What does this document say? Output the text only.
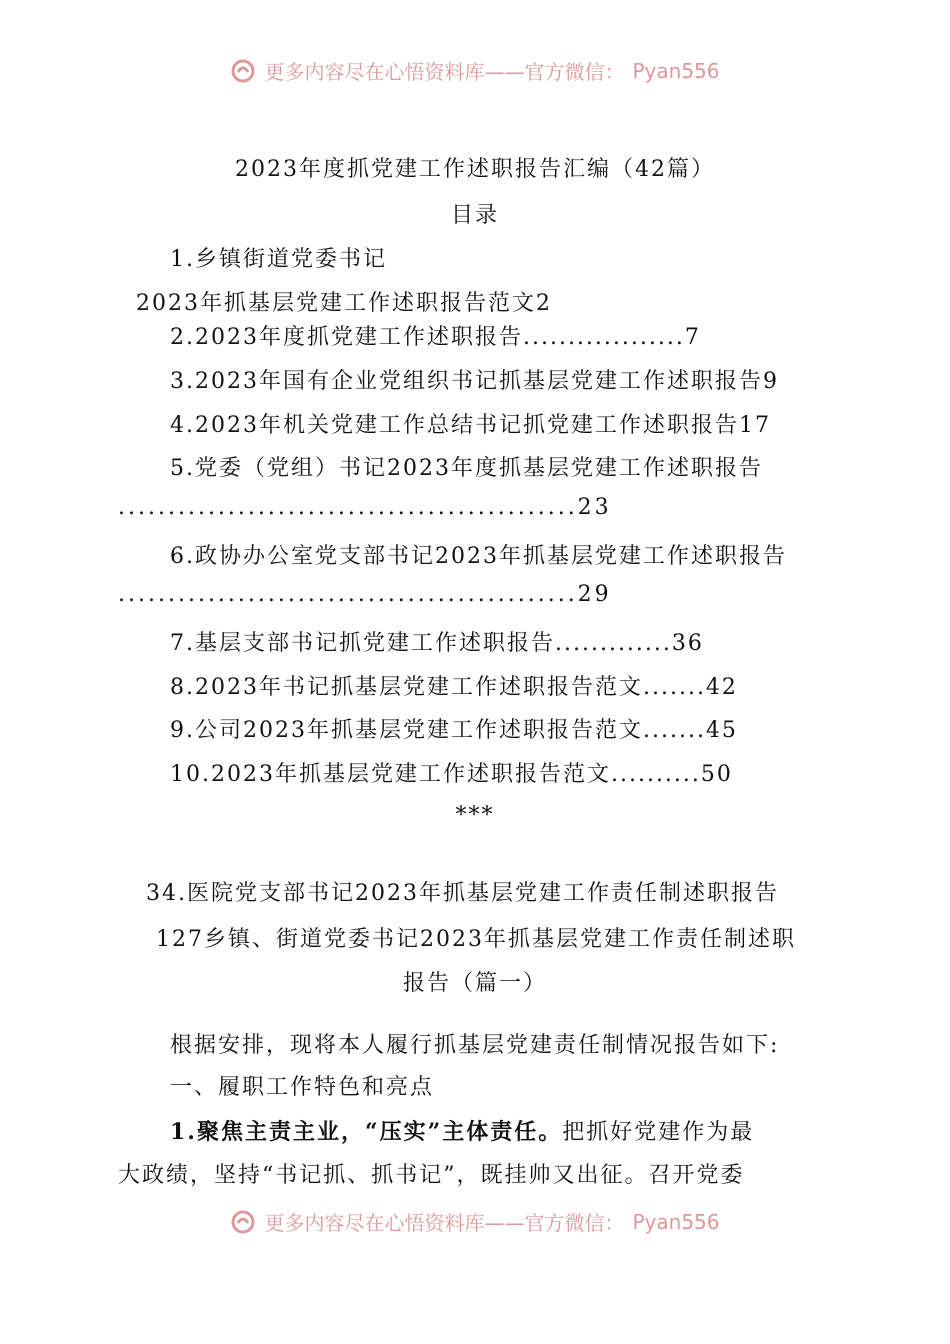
更多内容尽在心悟资料库——官方微信： Pyan556
2023年度抓党建工作述职报告汇编（42篇）
目录
1.乡镇街道党委书记
2023年抓基层党建工作述职报告范文2
2.2023年度抓党建工作述职报告..................7
3.2023年国有企业党组织书记抓基层党建工作述职报告9
4.2023年机关党建工作总结书记抓党建工作述职报告17
5.党委（党组）书记2023年度抓基层党建工作述职报告
..............................................23
6.政协办公室党支部书记2023年抓基层党建工作述职报告
..............................................29
7.基层支部书记抓党建工作述职报告.............36
8.2023年书记抓基层党建工作述职报告范文.......42
9.公司2023年抓基层党建工作述职报告范文.......45
10.2023年抓基层党建工作述职报告范文..........50
***
34.医院党支部书记2023年抓基层党建工作责任制述职报告
127乡镇、街道党委书记2023年抓基层党建工作责任制述职
报告（篇一）
根据安排，现将本人履行抓基层党建责任制情况报告如下:
一、履职工作特色和亮点
1.聚焦主责主业，“压实”主体责任。把抓好党建作为最
大政绩，坚持“书记抓、抓书记”，既挂帅又出征。召开党委
更多内容尽在心悟资料库——官方微信： Pyan556
